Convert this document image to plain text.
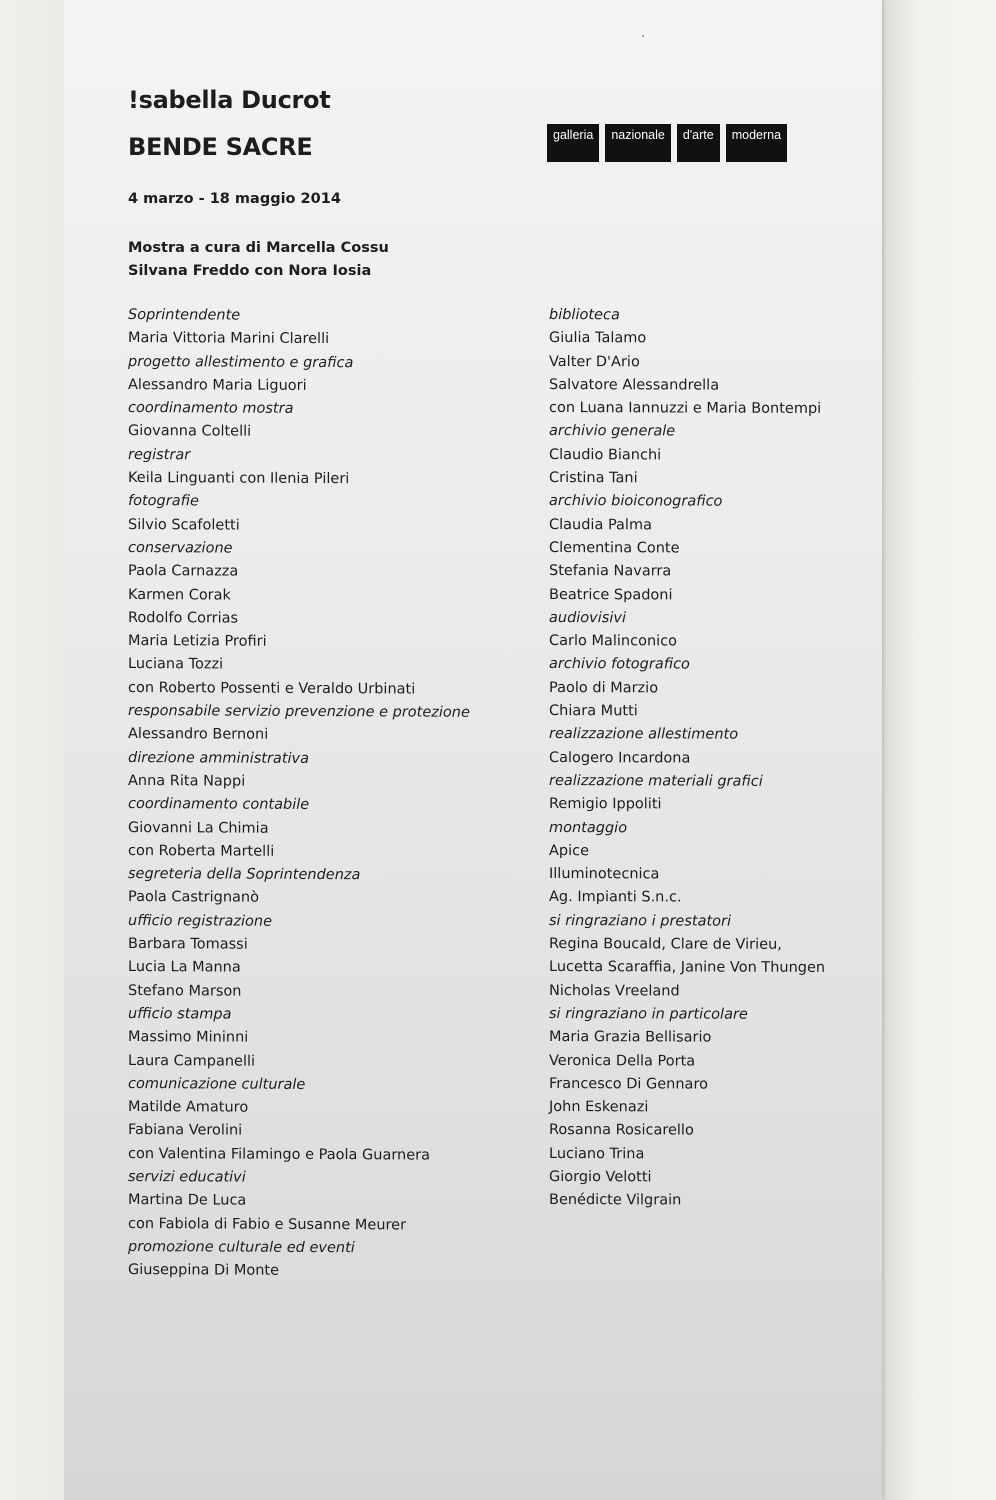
!sabella Ducrot
BENDE SACRE
4 marzo - 18 maggio 2014
Mostra a cura di Marcella Cossu
Silvana Freddo con Nora Iosia
galleria	nazionale	d'arte	moderna
Soprintendente
Maria Vittoria Marini Clarelli
progetto allestimento e grafica
Alessandro Maria Liguori
coordinamento mostra
Giovanna Coltelli
registrar
Keila Linguanti con Ilenia Pileri
fotografie
Silvio Scafoletti
conservazione
Paola Carnazza
Karmen Corak
Rodolfo Corrias
Maria Letizia Profiri
Luciana Tozzi
con Roberto Possenti e Veraldo Urbinati
responsabile servizio prevenzione e protezione
Alessandro Bernoni
direzione amministrativa
Anna Rita Nappi
coordinamento contabile
Giovanni La Chimia
con Roberta Martelli
segreteria della Soprintendenza
Paola Castrignanò
ufficio registrazione
Barbara Tomassi
Lucia La Manna
Stefano Marson
ufficio stampa
Massimo Mininni
Laura Campanelli
comunicazione culturale
Matilde Amaturo
Fabiana Verolini
con Valentina Filamingo e Paola Guarnera
servizi educativi
Martina De Luca
con Fabiola di Fabio e Susanne Meurer
promozione culturale ed eventi
Giuseppina Di Monte
biblioteca
Giulia Talamo
Valter D'Ario
Salvatore Alessandrella
con Luana Iannuzzi e Maria Bontempi
archivio generale
Claudio Bianchi
Cristina Tani
archivio bioiconografico
Claudia Palma
Clementina Conte
Stefania Navarra
Beatrice Spadoni
audiovisivi
Carlo Malinconico
archivio fotografico
Paolo di Marzio
Chiara Mutti
realizzazione allestimento
Calogero Incardona
realizzazione materiali grafici
Remigio Ippoliti
montaggio
Apice
Illuminotecnica
Ag. Impianti S.n.c.
si ringraziano i prestatori
Regina Boucald, Clare de Virieu,
Lucetta Scaraffia, Janine Von Thungen
Nicholas Vreeland
si ringraziano in particolare
Maria Grazia Bellisario
Veronica Della Porta
Francesco Di Gennaro
John Eskenazi
Rosanna Rosicarello
Luciano Trina
Giorgio Velotti
Benédicte Vilgrain
